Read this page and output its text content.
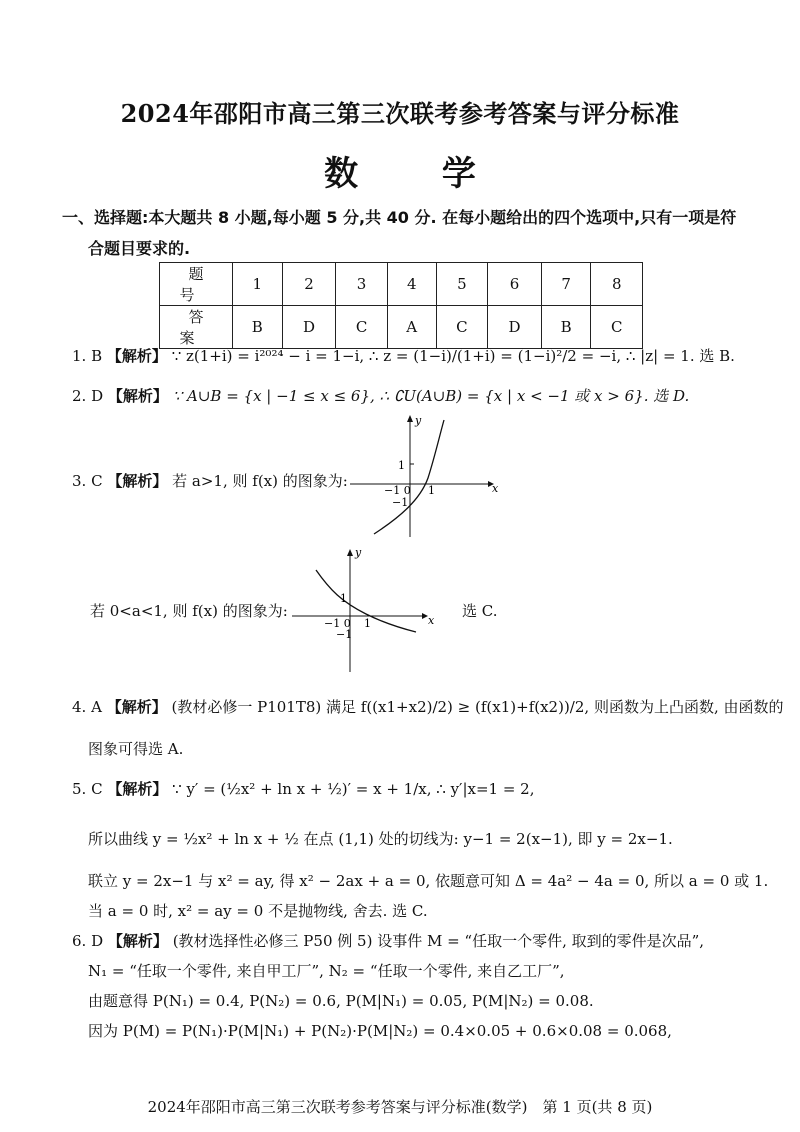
2024年邵阳市高三第三次联考参考答案与评分标准
数 学
一、选择题:本大题共 8 小题,每小题 5 分,共 40 分. 在每小题给出的四个选项中,只有一项是符
合题目要求的.
题号	1	2	3	4	5	6	7	8
答案	B	D	C	A	C	D	B	C
1. B 【解析】 ∵ z(1+i) = i²⁰²⁴ − i = 1−i, ∴ z = (1−i)/(1+i) = (1−i)²/2 = −i, ∴ |z| = 1. 选 B.
2. D 【解析】 ∵ A∪B = {x | −1 ≤ x ≤ 6}, ∴ ∁U(A∪B) = {x | x < −1 或 x > 6}. 选 D.
3. C 【解析】 若 a>1, 则 f(x) 的图象为:	x
y
1
−1 0
−1
1
若 0<a<1, 则 f(x) 的图象为:
x
y
1
−1 0
−1
1
选 C.
4. A 【解析】 (教材必修一 P101T8) 满足 f((x1+x2)/2) ≥ (f(x1)+f(x2))/2, 则函数为上凸函数, 由函数的
图象可得选 A.
5. C 【解析】 ∵ y′ = (½x² + ln x + ½)′ = x + 1/x, ∴ y′|x=1 = 2,
所以曲线 y = ½x² + ln x + ½ 在点 (1,1) 处的切线为: y−1 = 2(x−1), 即 y = 2x−1.
联立 y = 2x−1 与 x² = ay, 得 x² − 2ax + a = 0, 依题意可知 Δ = 4a² − 4a = 0, 所以 a = 0 或 1.
当 a = 0 时, x² = ay = 0 不是抛物线, 舍去. 选 C.
6. D 【解析】 (教材选择性必修三 P50 例 5) 设事件 M = “任取一个零件, 取到的零件是次品”,
N₁ = “任取一个零件, 来自甲工厂”, N₂ = “任取一个零件, 来自乙工厂”,
由题意得 P(N₁) = 0.4, P(N₂) = 0.6, P(M|N₁) = 0.05, P(M|N₂) = 0.08.
因为 P(M) = P(N₁)·P(M|N₁) + P(N₂)·P(M|N₂) = 0.4×0.05 + 0.6×0.08 = 0.068,
2024年邵阳市高三第三次联考参考答案与评分标准(数学)　第 1 页(共 8 页)
